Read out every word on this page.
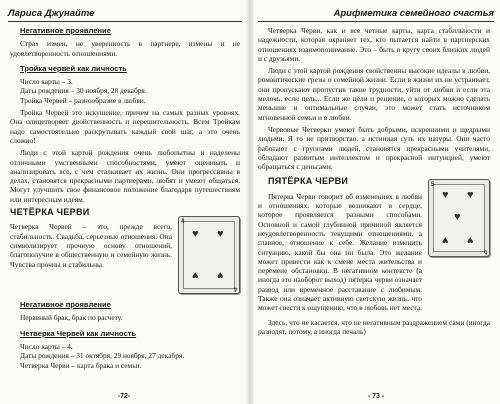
Лариса Джунайте
Негативное проявление
Страх измен, не уверенность в партнере, измены и не удовлетворенность отношениями.
Тройка червей как личность
Число карты – 3.
Даты рождения – 30 ноября, 28 декабря.
Тройка Червей – разнообразие в любви.
Тройка Червей это искушение, причем на самых разных уровнях. Она олицетворяет двойственность и нерешительность. Всем Тройкам надо самостоятельно раскрутывать каждый свой шаг, а это очень сложно!
Люди с этой картой рождения очень любопытны и наделены отличными умственными способностями, умеют оценивать и анализировать все, с чем сталкивает их жизнь. Они прогрессивны в делах, становятся прекрасными партнерами, любят и умеют общаться. Могут улучшить свое финансовое положение благодаря путешествиям или интересным идеям.
ЧЕТЁРКА ЧЕРВИ
Четверка Червей – это, прежде всего, стабильность. Свадьба, серьезные отношения. Она символизирует прочную основу отношений, благополучие в общественную и семейную жизнь. Чувства прочны и стабильны.
4
4
♥ ♥
♥ ♥
Негативное проявление
Неравный брак, брак по расчету.
Четверка Червей как личность
Число карты – 4.
Даты рождения – 31 октября, 29 ноября, 27 декабря.
Четверка Черви – карта брака и семьи.
-72-
Арифметика семейного счастья
Четверка Черви, как и все четные карты, карта стабильности и надежности, которая охраняет тех, кто пытается найти в партнерских отношениях взаимопонимание. Это – быть в кругу своих близких людей и с друзьями.
Люди с этой картой рождения свойственны высокие идеалы в любви, романтические грезы о семейной жизни. Если в жизни их не устраивает, они пропускают пропустив такие трудности, уйти от любви и если эта мелочь, если цель... Если же цели и решение, о которых можно сделать меньшие и оптимальные случаи, это может стать источником мгновенной семьи и в любви.
Червовые Четверки умеют быть добрыми, искренними и щедрыми людьми. Я то не притворство, а истинная суть их натуры. Они часто работают с группами людей, становятся прекрасными учителями, обладают развитым интеллектом и прекрасной интуицией, умеют обращаться с деньгами.
ПЯТЁРКА ЧЕРВИ
Пятерка Черви говорит об изменениях в любви и отношениях, которые возникают в сердце, которое проявляется разными способами. Основной и самой глубинной причиной является неудовлетворенность текущими отношениями, а главное, отношение к себе. Желание изменить ситуацию, какой бы она ни была. Это желание может привести как к смене места жительства и перемене обстановки. В негативном контексте (а иногда это наоборот выход) пятерка черви означает развод или временное расставание с любимым. Также она означает активную светскую жизнь, что может свести к ощущению, что в любовь нет места.
5
5
♥ ♥
♥
♥ ♥
Здесь, что не касается, что не негативным раздражением сами (иногда разводят, потому, а иногда печаль)
- 73 -
